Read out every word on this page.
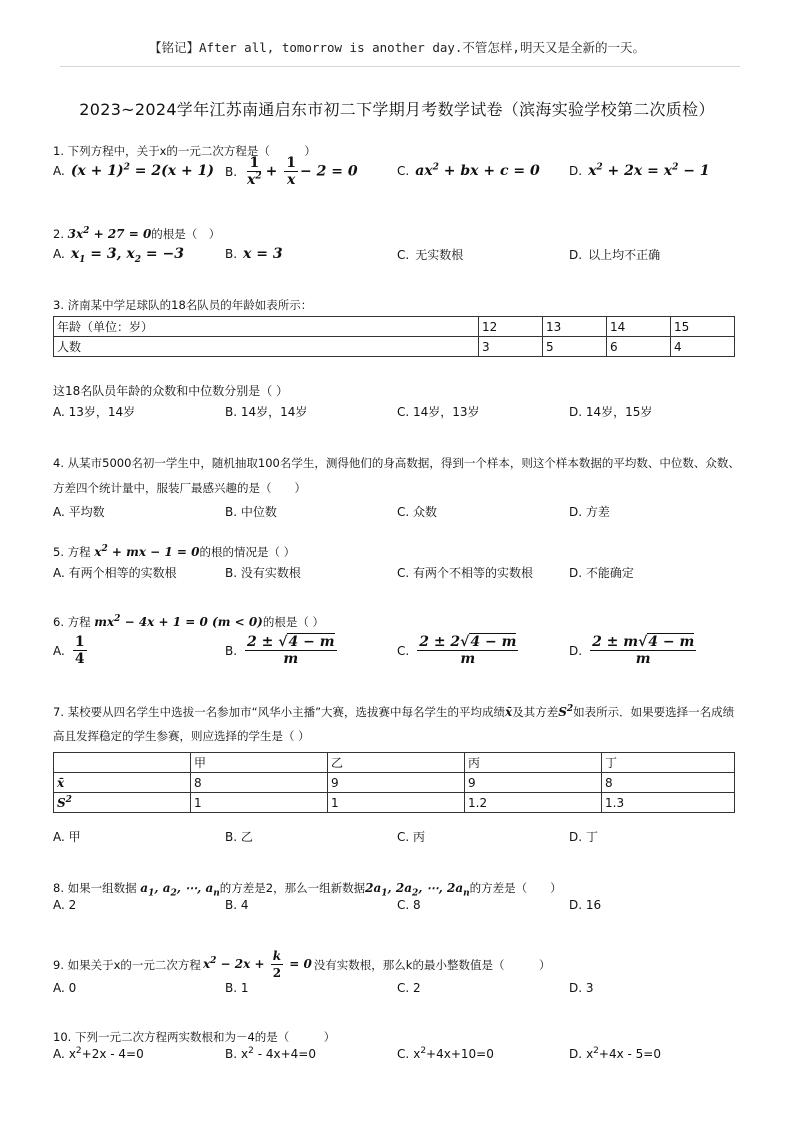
【铭记】After all, tomorrow is another day.不管怎样,明天又是全新的一天。
2023~2024学年江苏南通启东市初二下学期月考数学试卷（滨海实验学校第二次质检）
1. 下列方程中，关于x的一元二次方程是（　　　）
A. $(x + 1)^2 = 2(x + 1)$ B. $\frac{1}{x^2} + \frac{1}{x} - 2 = 0$	C. $ax^2$ + bx + c = 0 D. $x^2 + 2x = x^2 - 1$
2. $3x^2 + 27 = 0$的根是（　）
A. $x_1 = 3$, $x_2 = -3$	B. x = 3	C. 无实数根	D. 以上均不正确
3. 济南某中学足球队的18名队员的年龄如表所示：
年龄（单位：岁）	12	13	14	15
人数	3	5	6	4
这18名队员年龄的众数和中位数分别是（ ）
A. 13岁，14岁	B. 14岁，14岁	C. 14岁，13岁	D. 14岁，15岁
4. 从某市5000名初一学生中，随机抽取100名学生，测得他们的身高数据，得到一个样本，则这个样本数据的平均数、中位数、众数、方差四个统计量中，服装厂最感兴趣的是（　　）
A. 平均数	B. 中位数	C. 众数	D. 方差
5. 方程 $x^2$ + mx − 1 = 0的根的情况是（ ）
A. 有两个相等的实数根	B. 没有实数根	C. 有两个不相等的实数根	D. 不能确定
6. 方程 $mx^2 - 4x + 1 = 0$ (m < 0)的根是（ ）
A. $\frac{1}{4}$	B. $\frac{2 \pm √4 - m}{m}$	C. $\frac{2 \pm 2√4 - m}{m}$	D. $\frac{2 \pm m√4 - m}{m}$
7. 某校要从四名学生中选拔一名参加市“风华小主播”大赛，选拔赛中每名学生的平均成绩x̄及其方差$S^2$如表所示．如果要选择一名成绩高且发挥稳定的学生参赛，则应选择的学生是（ ）
	甲	乙	丙	丁
x̄	8	9	9	8
$S^2$	1	1	1.2	1.3
A. 甲	B. 乙	C. 丙	D. 丁
8. 如果一组数据 $a_1$, $a_2$, ⋯, $a_n$的方差是2，那么一组新数据$2a_1$, $2a_2$, ⋯, $2a_n$的方差是（　　）
A. 2	B. 4	C. 8	D. 16
9. 如果关于x的一元二次方程 $x^2 - 2x + \frac{k}{2} = 0$ 没有实数根，那么k的最小整数值是（　　　）
A. 0	B. 1	C. 2	D. 3
10. 下列一元二次方程两实数根和为－4的是（　　　）
A. $x^2+2x - 4=0$	B. $x^2 - 4x+4=0$	C. $x^2+4x+10=0$	D. $x^2+4x - 5=0$
